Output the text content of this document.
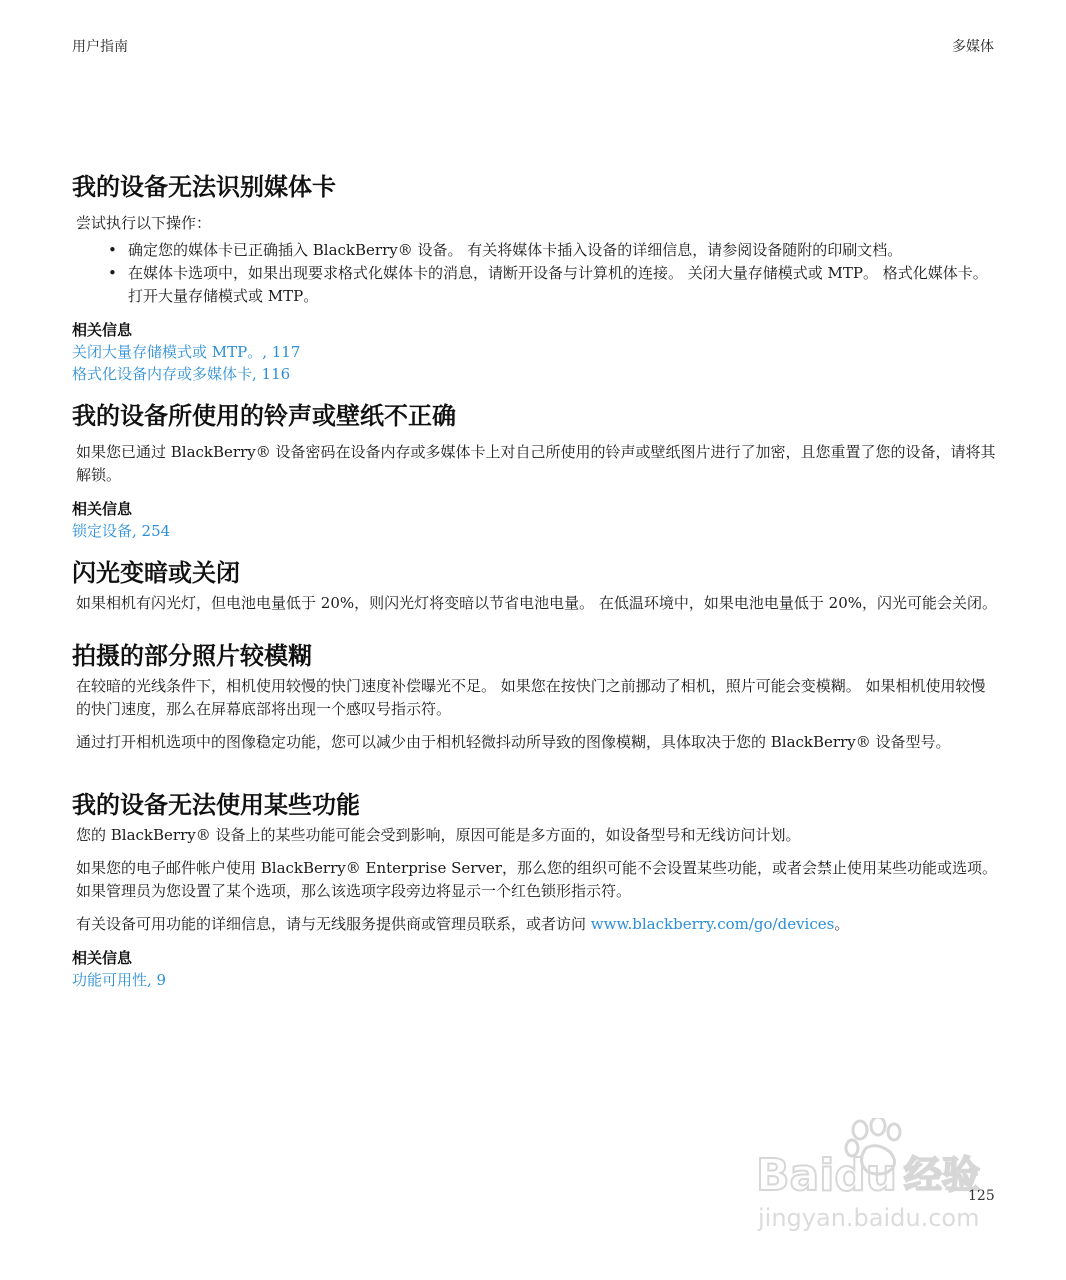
用户指南	多媒体
我的设备无法识别媒体卡

尝试执行以下操作：

• 确定您的媒体卡已正确插入 BlackBerry® 设备。 有关将媒体卡插入设备的详细信息，请参阅设备随附的印刷文档。
• 在媒体卡选项中，如果出现要求格式化媒体卡的消息，请断开设备与计算机的连接。 关闭大量存储模式或 MTP。 格式化媒体卡。 打开大量存储模式或 MTP。
相关信息
关闭大量存储模式或 MTP。, 117
格式化设备内存或多媒体卡, 116
我的设备所使用的铃声或壁纸不正确

如果您已通过 BlackBerry® 设备密码在设备内存或多媒体卡上对自己所使用的铃声或壁纸图片进行了加密，且您重置了您的设备，请将其解锁。

相关信息
锁定设备, 254
闪光变暗或关闭

如果相机有闪光灯，但电池电量低于 20%，则闪光灯将变暗以节省电池电量。 在低温环境中，如果电池电量低于 20%，闪光可能会关闭。

拍摄的部分照片较模糊

在较暗的光线条件下，相机使用较慢的快门速度补偿曝光不足。 如果您在按快门之前挪动了相机，照片可能会变模糊。 如果相机使用较慢的快门速度，那么在屏幕底部将出现一个感叹号指示符。

通过打开相机选项中的图像稳定功能，您可以减少由于相机轻微抖动所导致的图像模糊，具体取决于您的 BlackBerry® 设备型号。

我的设备无法使用某些功能

您的 BlackBerry® 设备上的某些功能可能会受到影响，原因可能是多方面的，如设备型号和无线访问计划。

如果您的电子邮件帐户使用 BlackBerry® Enterprise Server，那么您的组织可能不会设置某些功能，或者会禁止使用某些功能或选项。 如果管理员为您设置了某个选项，那么该选项字段旁边将显示一个红色锁形指示符。

有关设备可用功能的详细信息，请与无线服务提供商或管理员联系，或者访问 www.blackberry.com/go/devices。

相关信息
功能可用性, 9
Baidu 经验
jingyan.baidu.com
125
